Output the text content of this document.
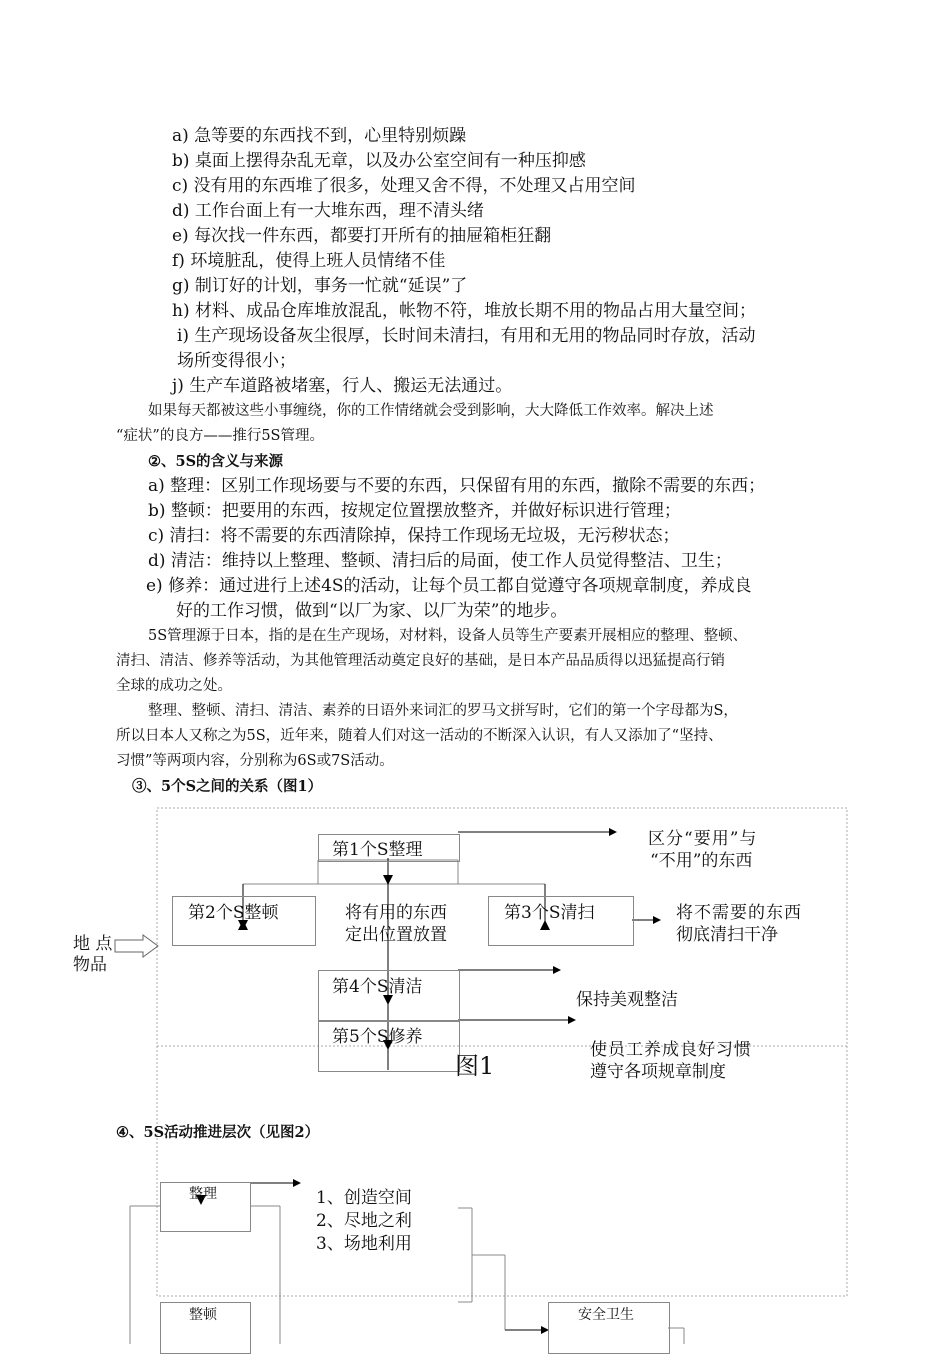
a) 急等要的东西找不到，心里特别烦躁
b) 桌面上摆得杂乱无章，以及办公室空间有一种压抑感
c) 没有用的东西堆了很多，处理又舍不得，不处理又占用空间
d) 工作台面上有一大堆东西，理不清头绪
e) 每次找一件东西，都要打开所有的抽屉箱柜狂翻
f) 环境脏乱，使得上班人员情绪不佳
g) 制订好的计划，事务一忙就“延误”了
h) 材料、成品仓库堆放混乱，帐物不符，堆放长期不用的物品占用大量空间；
i) 生产现场设备灰尘很厚，长时间未清扫，有用和无用的物品同时存放，活动
场所变得很小；
j) 生产车道路被堵塞，行人、搬运无法通过。
如果每天都被这些小事缠绕，你的工作情绪就会受到影响，大大降低工作效率。解决上述
“症状”的良方——推行5S管理。
②、5S的含义与来源
a) 整理：区别工作现场要与不要的东西，只保留有用的东西，撤除不需要的东西；
b) 整顿：把要用的东西，按规定位置摆放整齐，并做好标识进行管理；
c) 清扫：将不需要的东西清除掉，保持工作现场无垃圾，无污秽状态；
d) 清洁：维持以上整理、整顿、清扫后的局面，使工作人员觉得整洁、卫生；
e) 修养：通过进行上述4S的活动，让每个员工都自觉遵守各项规章制度，养成良
好的工作习惯，做到“以厂为家、以厂为荣”的地步。
5S管理源于日本，指的是在生产现场，对材料，设备人员等生产要素开展相应的整理、整顿、
清扫、清洁、修养等活动，为其他管理活动奠定良好的基础，是日本产品品质得以迅猛提高行销
全球的成功之处。
整理、整顿、清扫、清洁、素养的日语外来词汇的罗马文拼写时，它们的第一个字母都为S，
所以日本人又称之为5S，近年来，随着人们对这一活动的不断深入认识，有人又添加了“坚持、
习惯”等两项内容，分别称为6S或7S活动。
③、5个S之间的关系（图1）
第1个S整理
第2个S整顿	将有用的东西
定出位置放置
第3个S清扫
第4个S清洁
第5个S修养
区分“要用”与
“不用”的东西
将不需要的东西
彻底清扫干净
保持美观整洁
使员工养成良好习惯
遵守各项规章制度
地 点
物品
图1
④、5S活动推进层次（见图2）
整理
整顿	安全卫生
1、创造空间
2、尽地之利
3、场地利用
